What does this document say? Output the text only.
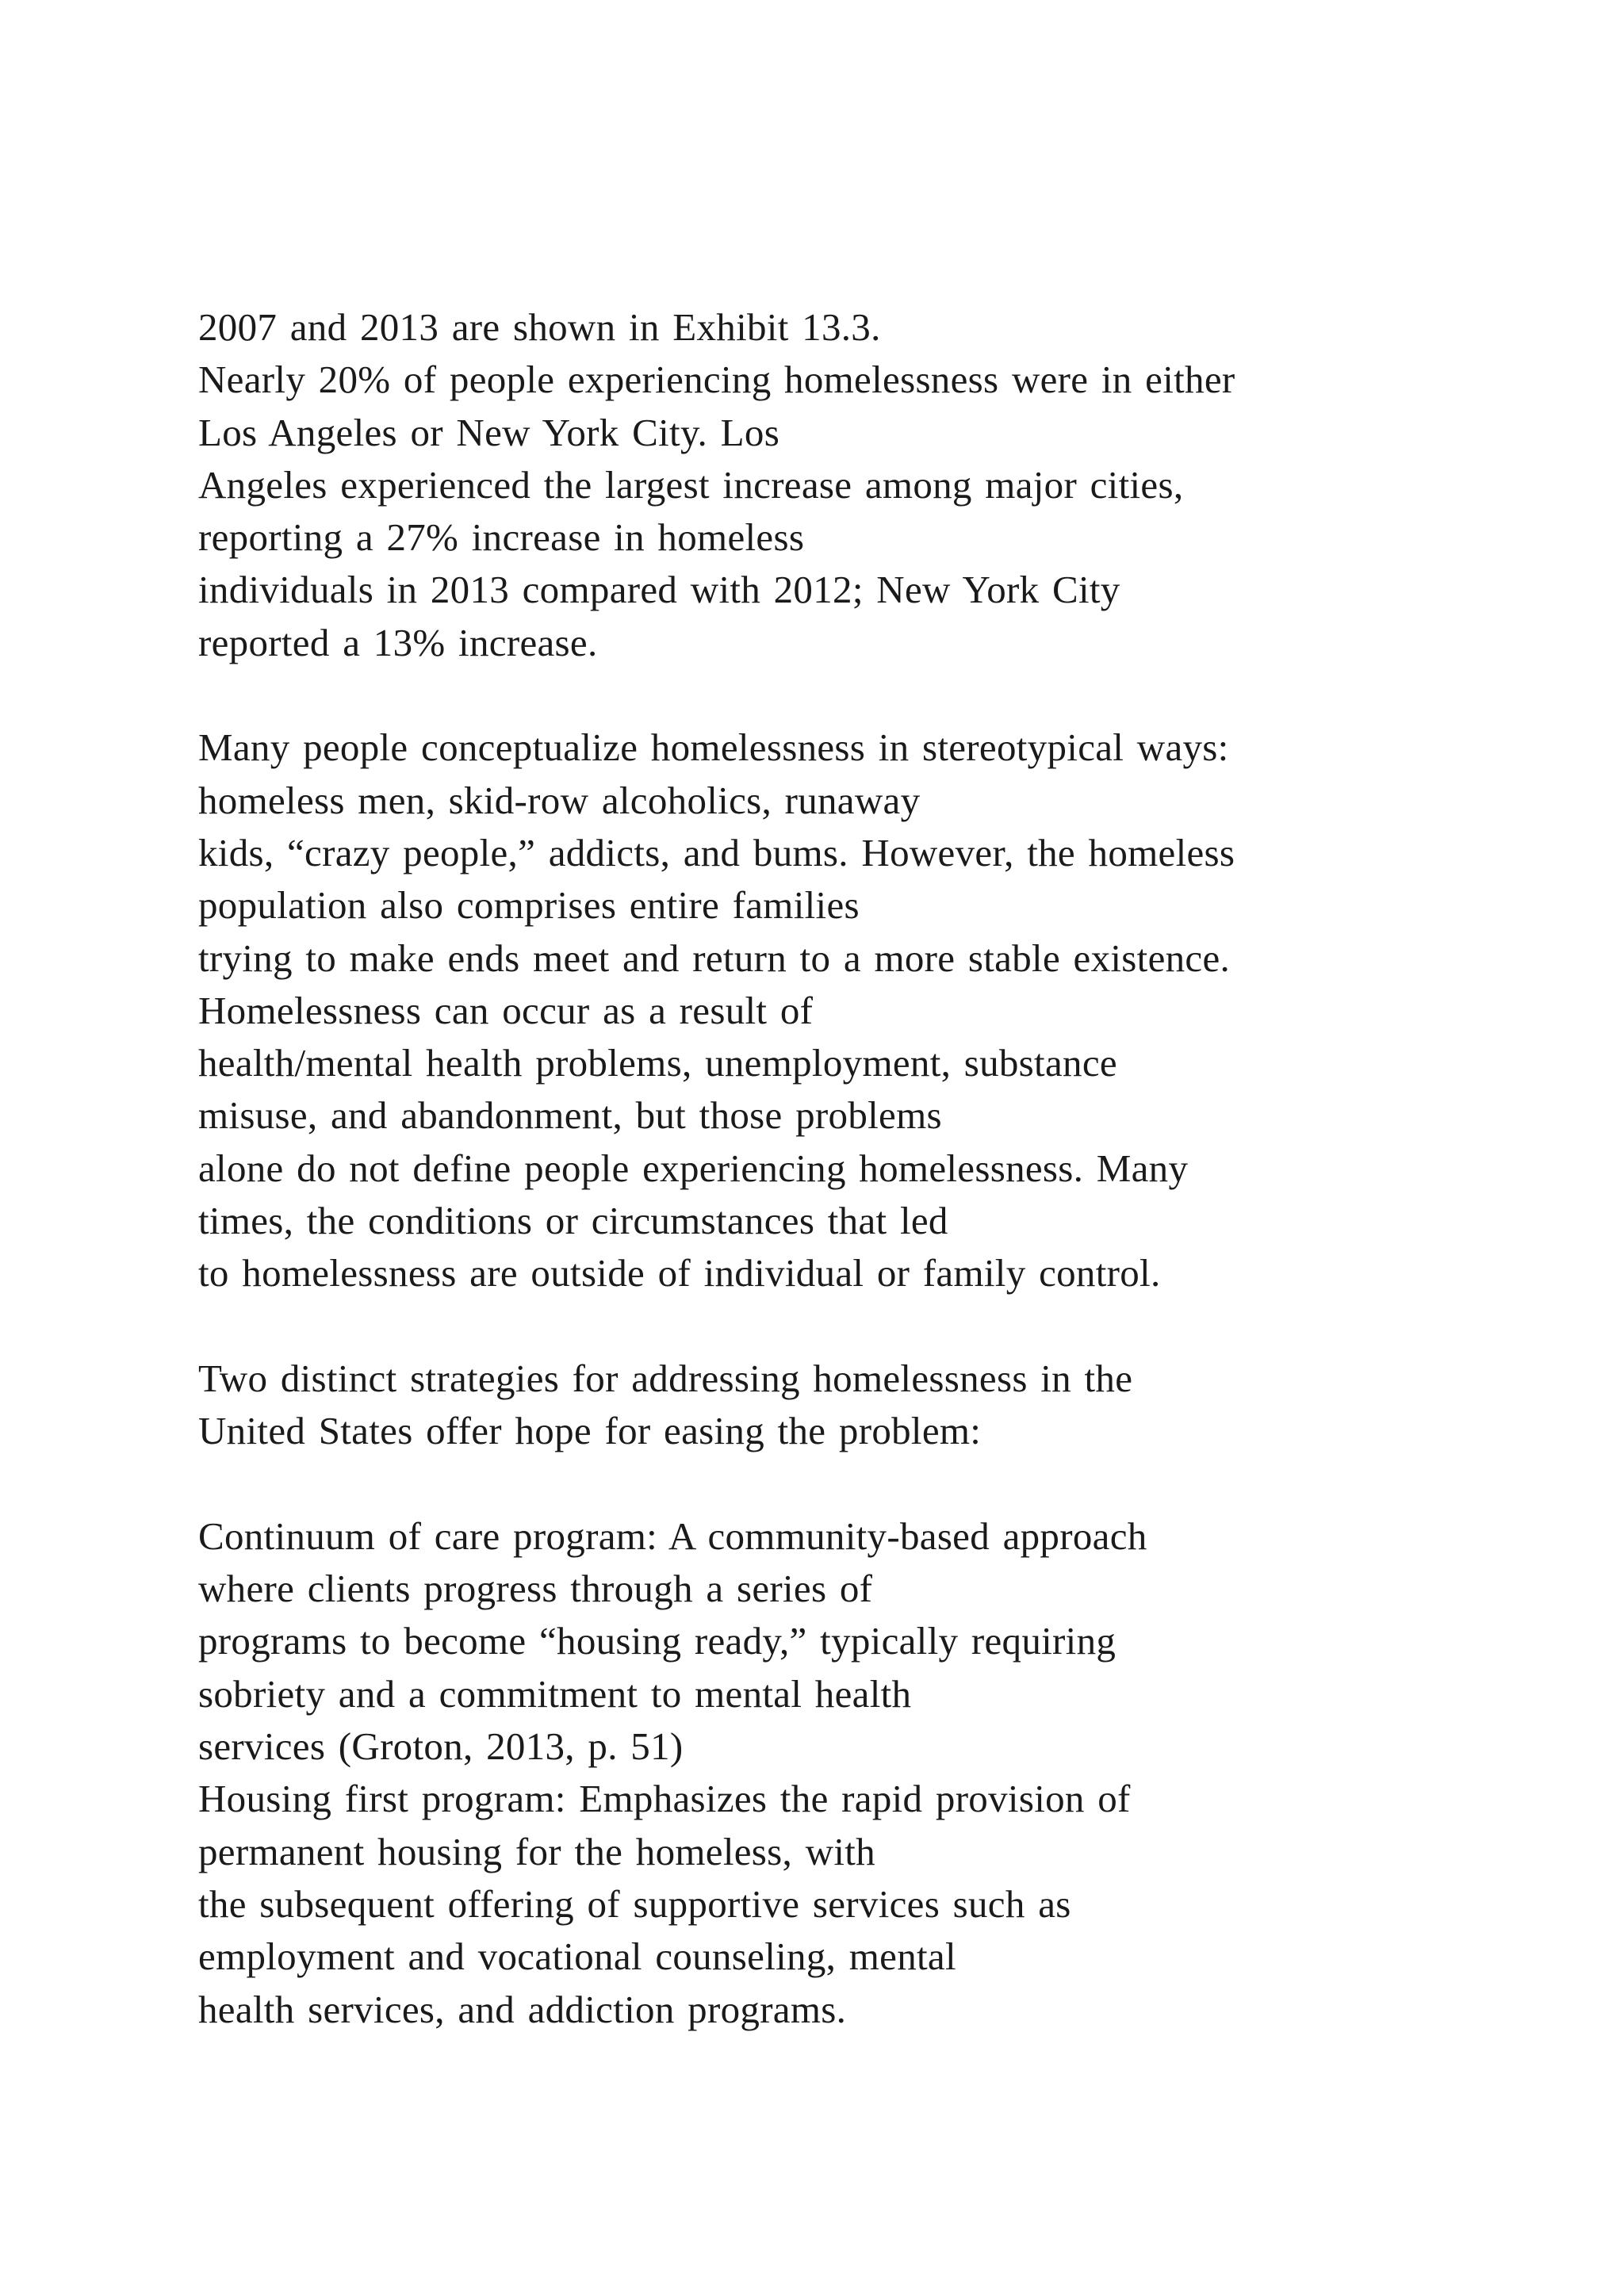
2007 and 2013 are shown in Exhibit 13.3.
Nearly 20% of people experiencing homelessness were in either
Los Angeles or New York City. Los
Angeles experienced the largest increase among major cities,
reporting a 27% increase in homeless
individuals in 2013 compared with 2012; New York City
reported a 13% increase.
Many people conceptualize homelessness in stereotypical ways:
homeless men, skid-row alcoholics, runaway
kids, “crazy people,” addicts, and bums. However, the homeless
population also comprises entire families
trying to make ends meet and return to a more stable existence.
Homelessness can occur as a result of
health/mental health problems, unemployment, substance
misuse, and abandonment, but those problems
alone do not define people experiencing homelessness. Many
times, the conditions or circumstances that led
to homelessness are outside of individual or family control.
Two distinct strategies for addressing homelessness in the
United States offer hope for easing the problem:
Continuum of care program: A community-based approach
where clients progress through a series of
programs to become “housing ready,” typically requiring
sobriety and a commitment to mental health
services (Groton, 2013, p. 51)
Housing first program: Emphasizes the rapid provision of
permanent housing for the homeless, with
the subsequent offering of supportive services such as
employment and vocational counseling, mental
health services, and addiction programs.
